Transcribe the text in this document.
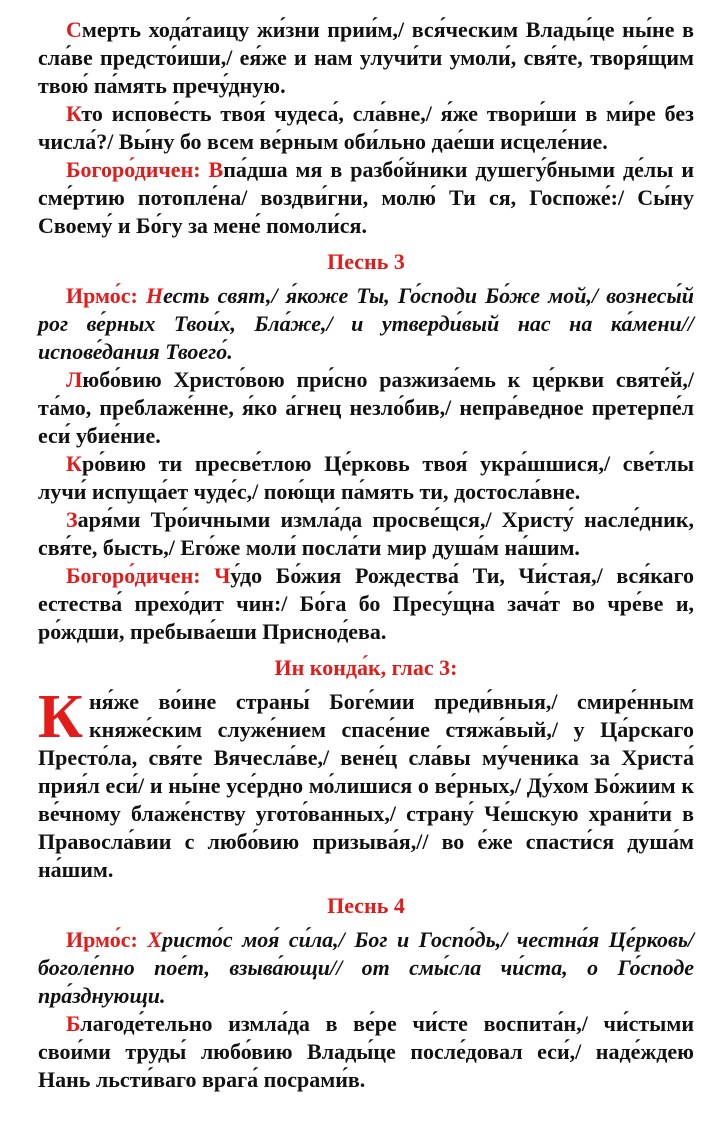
Смерть хода́таицу жи́зни прии́м,/ вся́ческим Влады́це ны́не в сла́ве предсто́иши,/ ея́же и нам улучи́ти умоли́, свя́те, творя́щим твою́ па́мять пречу́дную.

Кто испове́сть твоя́ чудеса́, сла́вне,/ я́же твори́ши в ми́ре без числа́?/ Вы́ну бо всем ве́рным оби́льно дае́ши исцеле́ние.

Богоро́дичен: Впа́дша мя в разбо́йники душегу́бными де́лы и сме́ртию потопле́на/ воздви́гни, молю́ Ти ся, Госпоже́:/ Сы́ну Своему́ и Бо́гу за мене́ помоли́ся.

Песнь 3

Ирмо́с: Несть свят,/ я́коже Ты, Го́споди Бо́же мой,/ вознесы́й рог ве́рных Твои́х, Бла́же,/ и утверди́вый нас на ка́мени// испове́дания Твоего́.

Любо́вию Христо́вою при́сно разжиза́емь к це́ркви святе́й,/ та́мо, преблаже́нне, я́ко а́гнец незло́бив,/ непра́ведное претерпе́л еси́ убие́ние.

Кро́вию ти пресве́тлою Це́рковь твоя́ укра́шшися,/ све́тлы лучи́ испуща́ет чуде́с,/ пою́щи па́мять ти, достосла́вне.

Заря́ми Тро́ичными измла́да просве́щся,/ Христу́ насле́дник, свя́те, бысть,/ Его́же моли́ посла́ти мир душа́м на́шим.

Богоро́дичен: Чу́до Бо́жия Рождества́ Ти, Чи́стая,/ вся́каго естества́ прехо́дит чин:/ Бо́га бо Пресу́щна зача́т во чре́ве и, ро́ждши, пребыва́еши Приснод́ева.

Ин конда́к, глас 3:

Кня́же во́ине страны́ Боге́мии преди́вныя,/ смире́нным княже́ским служе́нием спасе́ние стяжа́вый,/ у Ца́рскаго Престо́ла, свя́те Вячесла́ве,/ вене́ц сла́вы му́ченика за Христа́ прия́л еси́/ и ны́не усе́рдно мо́лишися о ве́рных,/ Ду́хом Бо́жиим к ве́чному блаже́нству угото́ванных,/ страну́ Че́шскую храни́ти в Правосла́вии с любо́вию призыва́я,// во е́же спасти́ся душа́м на́шим.

Песнь 4

Ирмо́с: Христо́с моя́ си́ла,/ Бог и Госпо́дь,/ честна́я Це́рковь/ боголе́пно пое́т, взыва́ющи// от смы́сла чи́ста, о Го́споде пра́зднующи.

Благоде́тельно измла́да в ве́ре чи́сте воспита́н,/ чи́стыми свои́ми труды́ любо́вию Влады́це после́довал еси́,/ наде́ждею Нань льсти́ваго врага́ посрами́в.
